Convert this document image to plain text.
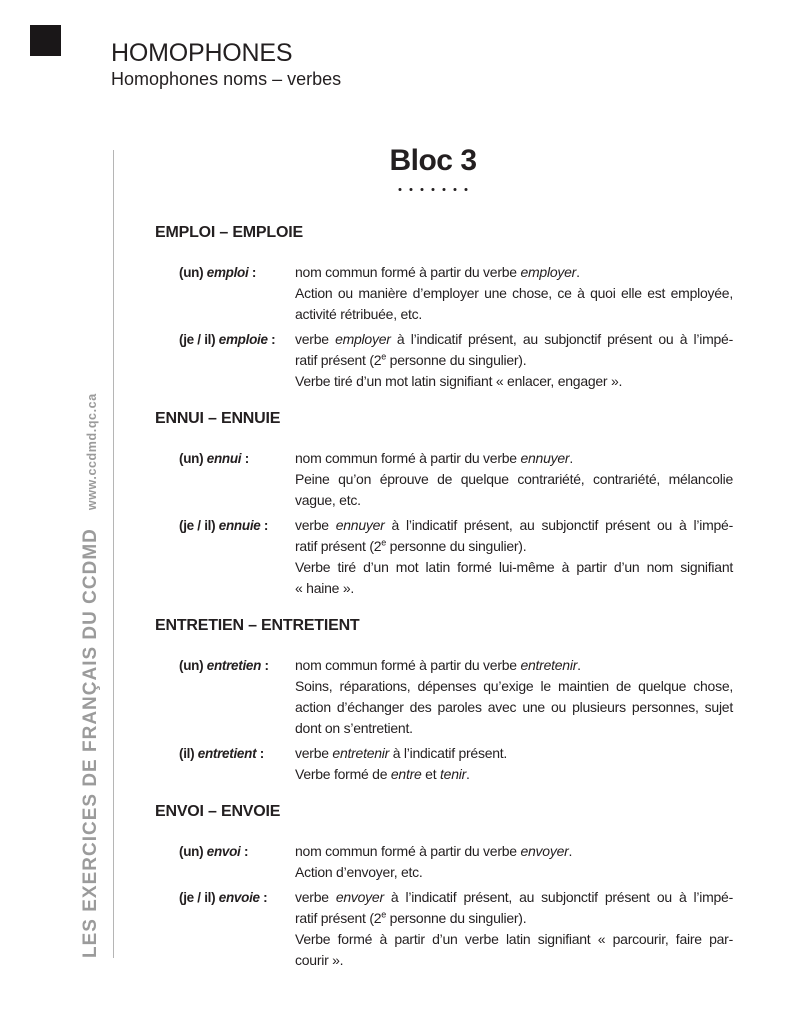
HOMOPHONES
Homophones noms – verbes
LES EXERCICES DE FRANÇAIS DU CCDMDwww.ccdmd.qc.ca
Bloc 3
EMPLOI – EMPLOIE
(un) emploi :	nom commun formé à partir du verbe employer.
Action ou manière d’employer une chose, ce à quoi elle est employée,
activité rétribuée, etc.
(je / il) emploie :	verbe employer à l’indicatif présent, au subjonctif présent ou à l’impé-
ratif présent (2e personne du singulier).
Verbe tiré d’un mot latin signifiant « enlacer, engager ».
ENNUI – ENNUIE
(un) ennui :	nom commun formé à partir du verbe ennuyer.
Peine qu’on éprouve de quelque contrariété, contrariété, mélancolie
vague, etc.
(je / il) ennuie :	verbe ennuyer à l’indicatif présent, au subjonctif présent ou à l’impé-
ratif présent (2e personne du singulier).
Verbe tiré d’un mot latin formé lui-même à partir d’un nom signifiant
« haine ».
ENTRETIEN – ENTRETIENT
(un) entretien :	nom commun formé à partir du verbe entretenir.
Soins, réparations, dépenses qu’exige le maintien de quelque chose,
action d’échanger des paroles avec une ou plusieurs personnes, sujet
dont on s’entretient.
(il) entretient :	verbe entretenir à l’indicatif présent.
Verbe formé de entre et tenir.
ENVOI – ENVOIE
(un) envoi :	nom commun formé à partir du verbe envoyer.
Action d’envoyer, etc.
(je / il) envoie :	verbe envoyer à l’indicatif présent, au subjonctif présent ou à l’impé-
ratif présent (2e personne du singulier).
Verbe formé à partir d’un verbe latin signifiant « parcourir, faire par-
courir ».
